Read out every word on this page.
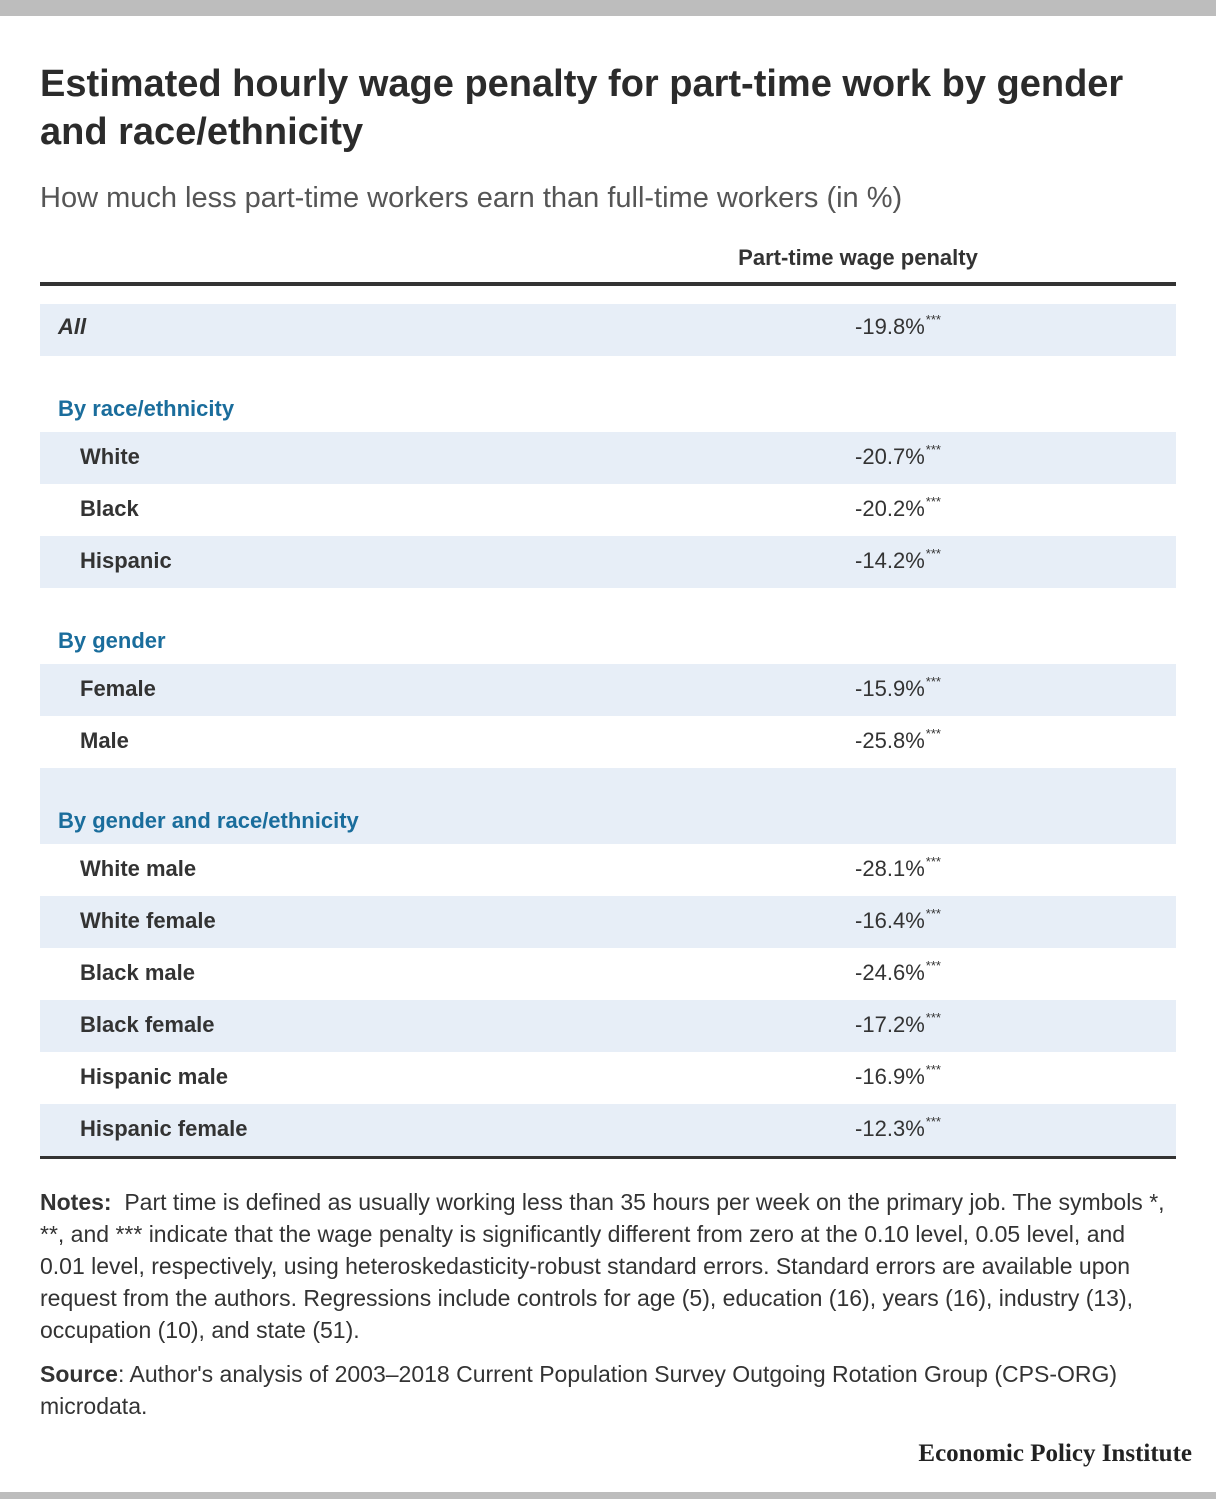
Estimated hourly wage penalty for part-time work by gender and race/ethnicity
How much less part-time workers earn than full-time workers (in %)
Part-time wage penalty
All	-19.8%***
By race/ethnicity
White	-20.7%***
Black	-20.2%***
Hispanic	-14.2%***
By gender
Female	-15.9%***
Male	-25.8%***
By gender and race/ethnicity
White male	-28.1%***
White female	-16.4%***
Black male	-24.6%***
Black female	-17.2%***
Hispanic male	-16.9%***
Hispanic female	-12.3%***
Notes: Part time is defined as usually working less than 35 hours per week on the primary job. The symbols *, **, and *** indicate that the wage penalty is significantly different from zero at the 0.10 level, 0.05 level, and 0.01 level, respectively, using heteroskedasticity-robust standard errors. Standard errors are available upon request from the authors. Regressions include controls for age (5), education (16), years (16), industry (13), occupation (10), and state (51).
Source: Author's analysis of 2003–2018 Current Population Survey Outgoing Rotation Group (CPS-ORG) microdata.
Economic Policy Institute
